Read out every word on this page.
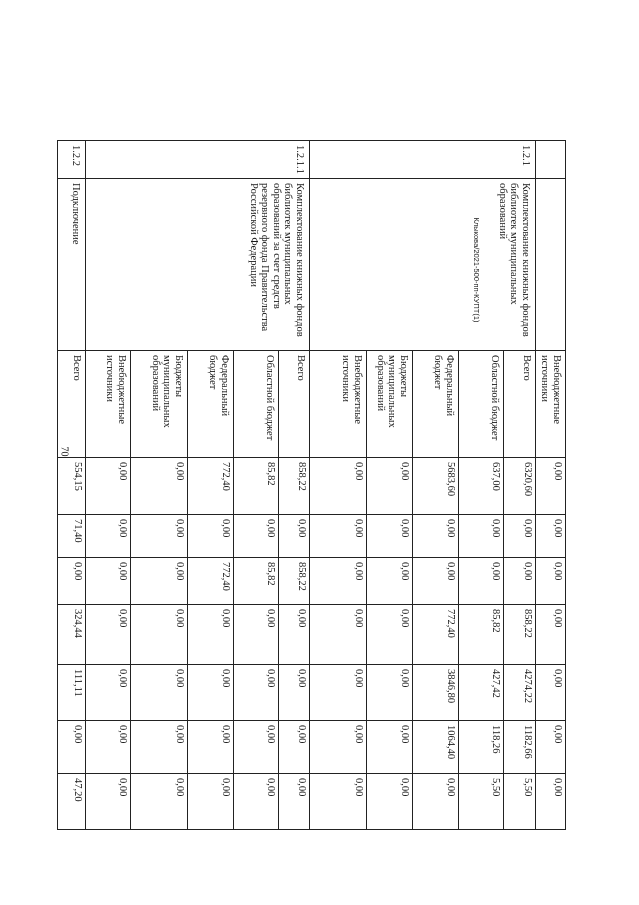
70
Клыкова/2021-500-пп-КУПТ(1)
		Внебюджетные источники	0,00	0,00	0,00	0,00	0,00	0,00	0,00
1.2.1	Комплектование книжных фондов библиотек муниципальных образований	Всего	6320,60	0,00	0,00	858,22	4274,22	1182,66	5,50
		Областной бюджет	637,00	0,00	0,00	85,82	427,42	118,26	5,50
		Федеральный бюджет	5683,60	0,00	0,00	772,40	3846,80	1064,40	0,00
		Бюджеты муниципальных образований	0,00	0,00	0,00	0,00	0,00	0,00	0,00
		Внебюджетные источники	0,00	0,00	0,00	0,00	0,00	0,00	0,00
1.2.1.1	Комплектование книжных фондов библиотек муниципальных образований за счет средств резервного фонда Правительства Российской Федерации	Всего	858,22	0,00	858,22	0,00	0,00	0,00	0,00
		Областной бюджет	85,82	0,00	85,82	0,00	0,00	0,00	0,00
		Федеральный бюджет	772,40	0,00	772,40	0,00	0,00	0,00	0,00
		Бюджеты муниципальных образований	0,00	0,00	0,00	0,00	0,00	0,00	0,00
		Внебюджетные источники	0,00	0,00	0,00	0,00	0,00	0,00	0,00
1.2.2	Подключение	Всего	554,15	71,40	0,00	324,44	111,11	0,00	47,20
